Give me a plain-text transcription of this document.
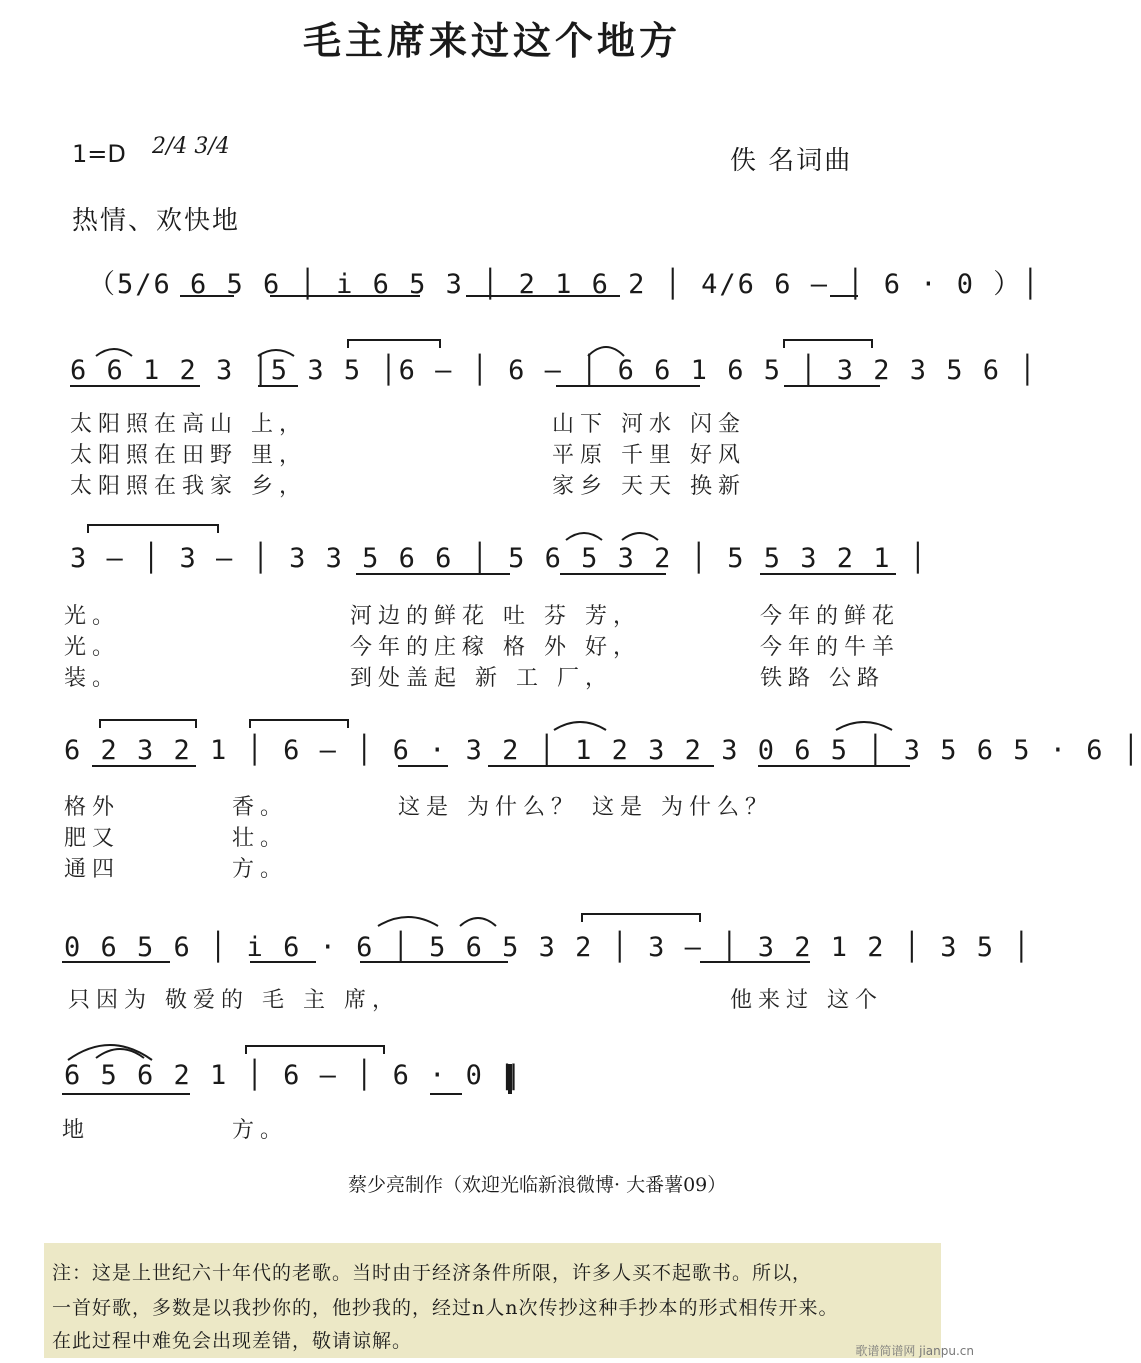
毛主席来过这个地方
1=D 2/4 3/4	佚 名词曲
热情、欢快地
（5/6 6 5 6 │ i 6 5 3 │ 2 1 6 2 │ 4/6 6 — │ 6 · 0 ）│
6 6 1 2 3 │5 3 5 │6 — │ 6 — │ 6 6 1 6 5 │ 3 2 3 5 6 │
3 — │ 3 — │ 3 3 5 6 6 │ 5 6 5 3 2 │ 5 5 3 2 1 │
6 2 3 2 1 │ 6 — │ 6 · 3 2 │ 1 2 3 2 3 0 6 5 │ 3 5 6 5 · 6 │
0 6 5 6 │ i 6 · 6 │ 5 6 5 3 2 │ 3 — │ 3 2 1 2 │ 3 5 │
6 5 6 2 1 │ 6 — │ 6 · 0 ‖
太阳照在高山 上，	山下 河水 闪金
太阳照在田野 里，	平原 千里 好风
太阳照在我家 乡，	家乡 天天 换新
光。	河边的鲜花 吐 芬 芳，	今年的鲜花
光。	今年的庄稼 格 外 好，	今年的牛羊
装。	到处盖起 新 工 厂，	铁路 公路
格外	香。	这是 为什么？ 这是 为什么？
肥又	壮。
通四	方。
只因为 敬爱的 毛 主 席，	他来过 这个
地	方。
蔡少亮制作（欢迎光临新浪微博· 大番薯09）
注：这是上世纪六十年代的老歌。当时由于经济条件所限，许多人买不起歌书。所以，
一首好歌，多数是以我抄你的，他抄我的，经过n人n次传抄这种手抄本的形式相传开来。
在此过程中难免会出现差错，敬请谅解。	歌谱简谱网 jianpu.cn
